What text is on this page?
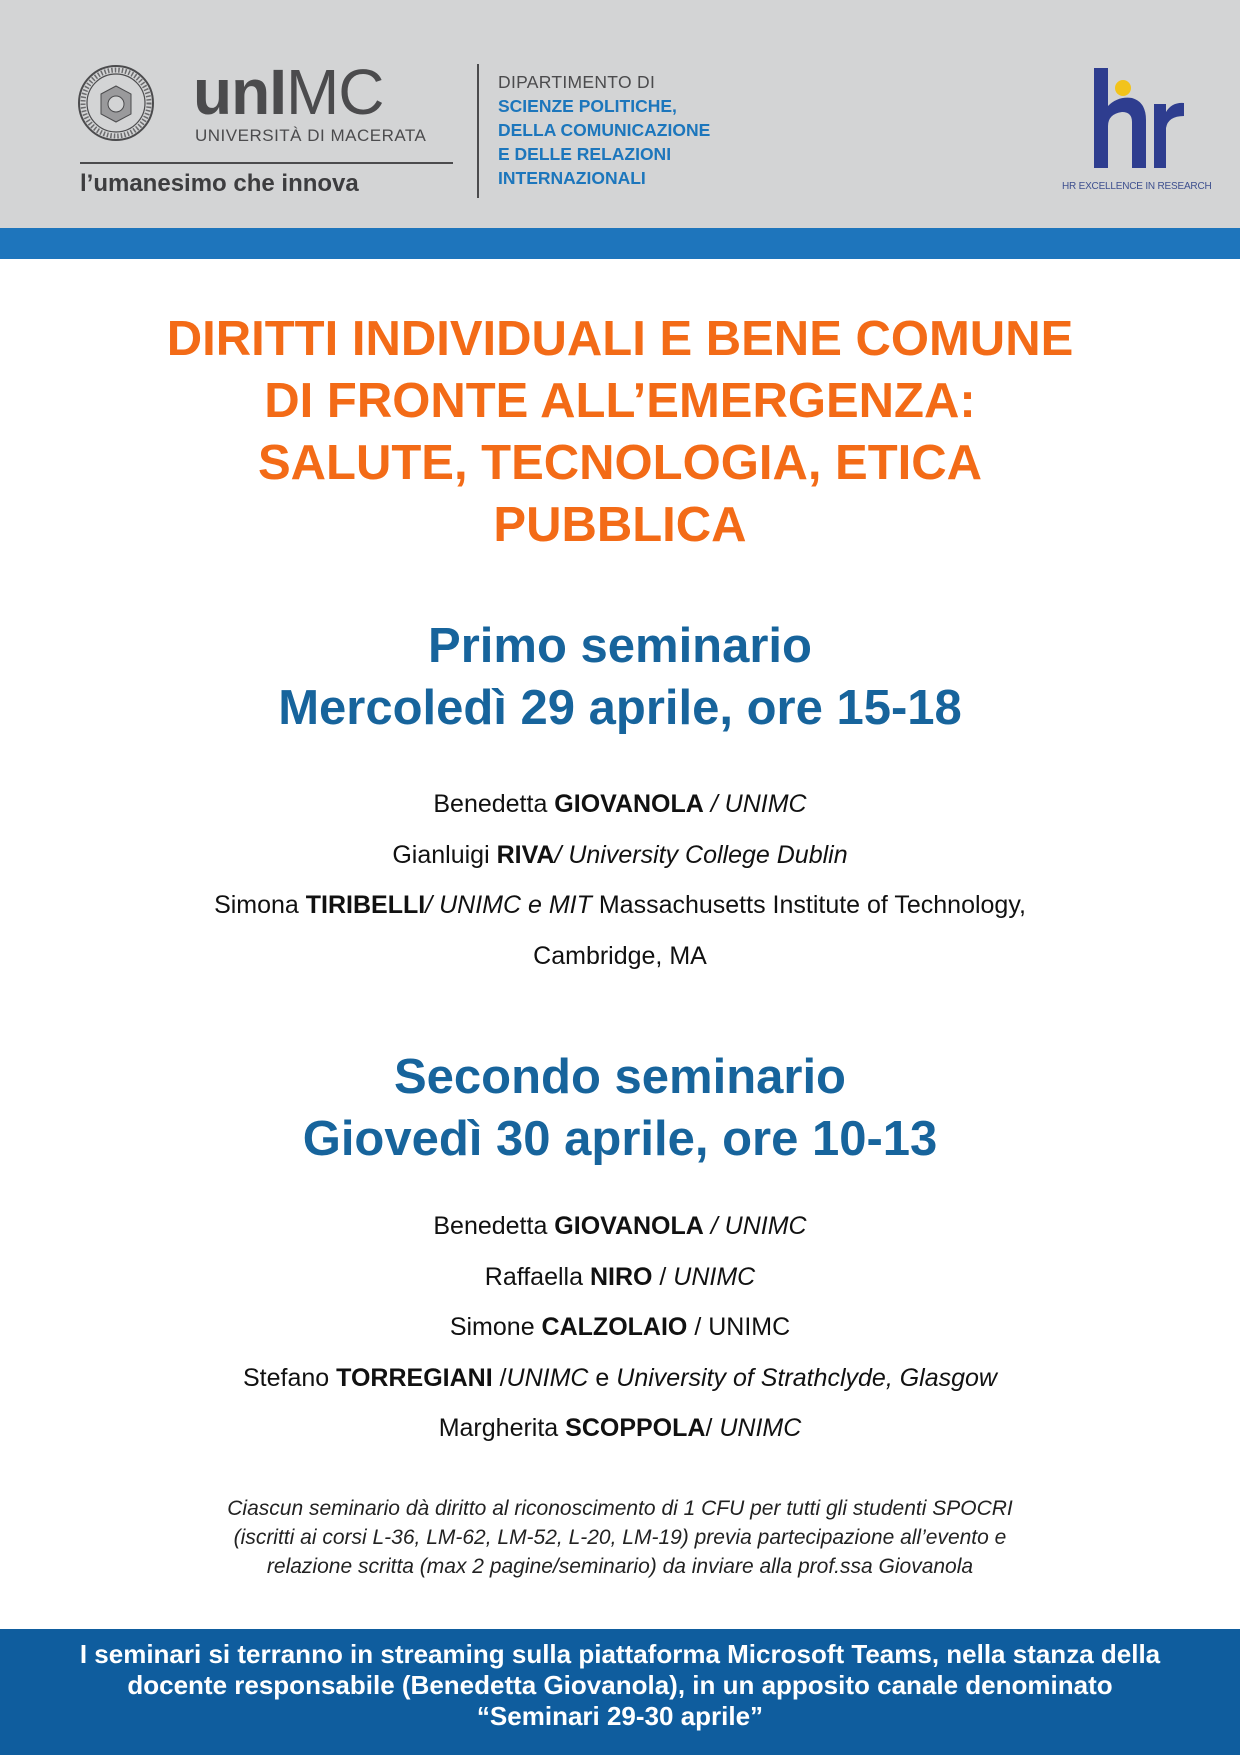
unIMC
UNIVERSITÀ DI MACERATA
l’umanesimo che innova
DIPARTIMENTO DI
SCIENZE POLITICHE,
DELLA COMUNICAZIONE
E DELLE RELAZIONI
INTERNAZIONALI	HR EXCELLENCE IN RESEARCH
DIRITTI INDIVIDUALI E BENE COMUNE
DI FRONTE ALL’EMERGENZA:
SALUTE, TECNOLOGIA, ETICA
PUBBLICA
Primo seminario
Mercoledì 29 aprile, ore 15-18
Benedetta GIOVANOLA / UNIMC
Gianluigi RIVA/ University College Dublin
Simona TIRIBELLI/ UNIMC e MIT Massachusetts Institute of Technology,
Cambridge, MA
Secondo seminario
Giovedì 30 aprile, ore 10-13
Benedetta GIOVANOLA / UNIMC
Raffaella NIRO / UNIMC
Simone CALZOLAIO / UNIMC
Stefano TORREGIANI /UNIMC e University of Strathclyde, Glasgow
Margherita SCOPPOLA/ UNIMC
Ciascun seminario dà diritto al riconoscimento di 1 CFU per tutti gli studenti SPOCRI
(iscritti ai corsi L-36, LM-62, LM-52, L-20, LM-19) previa partecipazione all’evento e
relazione scritta (max 2 pagine/seminario) da inviare alla prof.ssa Giovanola
I seminari si terranno in streaming sulla piattaforma Microsoft Teams, nella stanza della
docente responsabile (Benedetta Giovanola), in un apposito canale denominato
“Seminari 29-30 aprile”
